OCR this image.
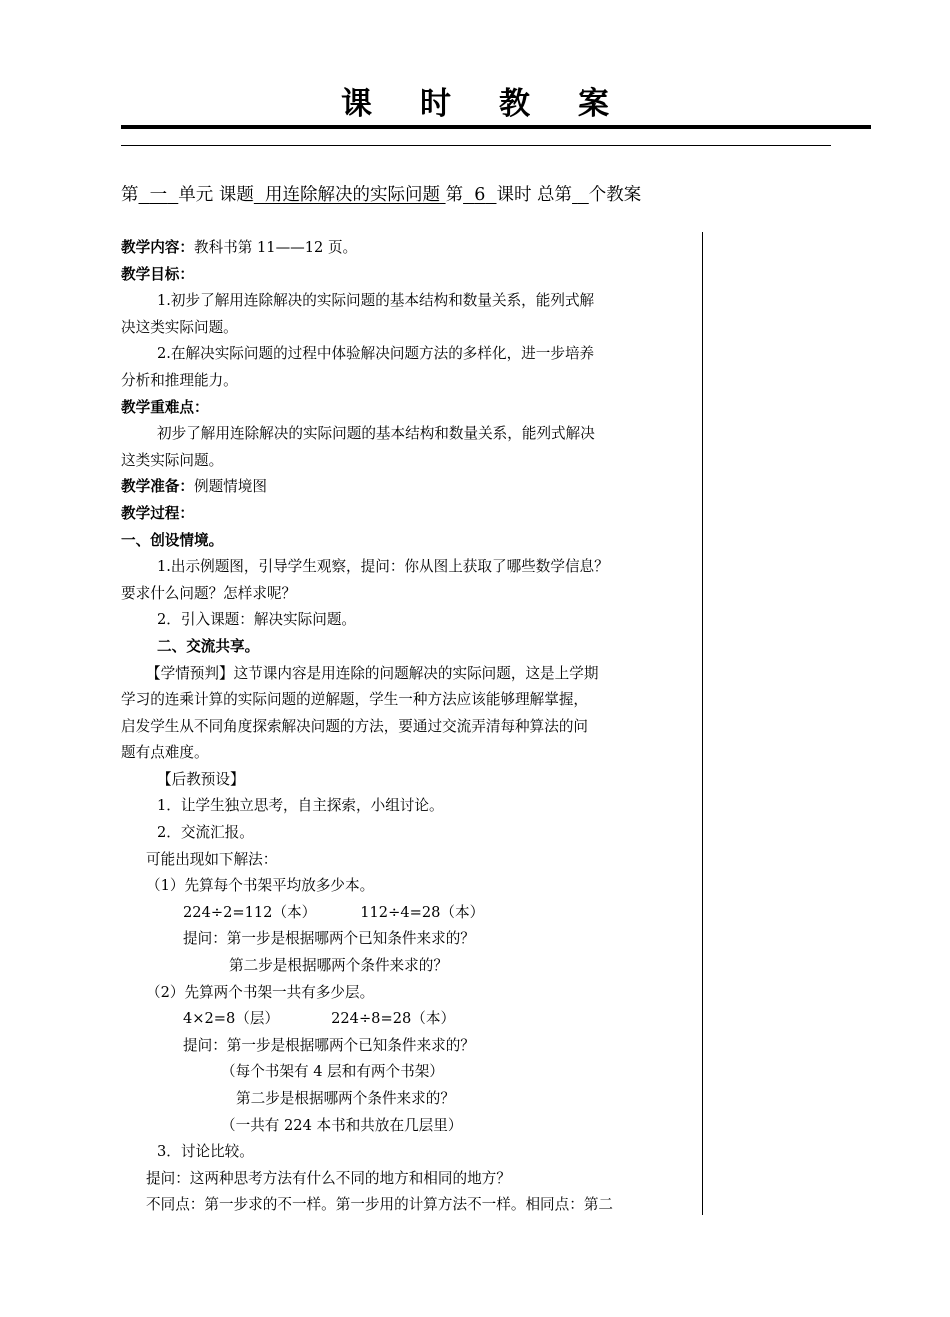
课时教案
第 一 单元 课题 用连除解决的实际问题 第 6 课时 总第 个教案
教学内容：教科书第 11——12 页。
教学目标：
1.初步了解用连除解决的实际问题的基本结构和数量关系，能列式解
决这类实际问题。
2.在解决实际问题的过程中体验解决问题方法的多样化，进一步培养
分析和推理能力。
教学重难点：
初步了解用连除解决的实际问题的基本结构和数量关系，能列式解决
这类实际问题。
教学准备：例题情境图
教学过程：
一、创设情境。
1.出示例题图，引导学生观察，提问：你从图上获取了哪些数学信息？
要求什么问题？怎样求呢？
2．引入课题：解决实际问题。
二、交流共享。
【学情预判】这节课内容是用连除的问题解决的实际问题，这是上学期
学习的连乘计算的实际问题的逆解题，学生一种方法应该能够理解掌握，
启发学生从不同角度探索解决问题的方法，要通过交流弄清每种算法的问
题有点难度。
【后教预设】
1．让学生独立思考，自主探索，小组讨论。
2．交流汇报。
可能出现如下解法：
（1）先算每个书架平均放多少本。
224÷2=112（本）	112÷4=28（本）
提问：第一步是根据哪两个已知条件来求的？
第二步是根据哪两个条件来求的？
（2）先算两个书架一共有多少层。
4×2=8（层）	224÷8=28（本）
提问：第一步是根据哪两个已知条件来求的？
（每个书架有 4 层和有两个书架）
第二步是根据哪两个条件来求的？
（一共有 224 本书和共放在几层里）
3．讨论比较。
提问：这两种思考方法有什么不同的地方和相同的地方？
不同点：第一步求的不一样。第一步用的计算方法不一样。相同点：第二
